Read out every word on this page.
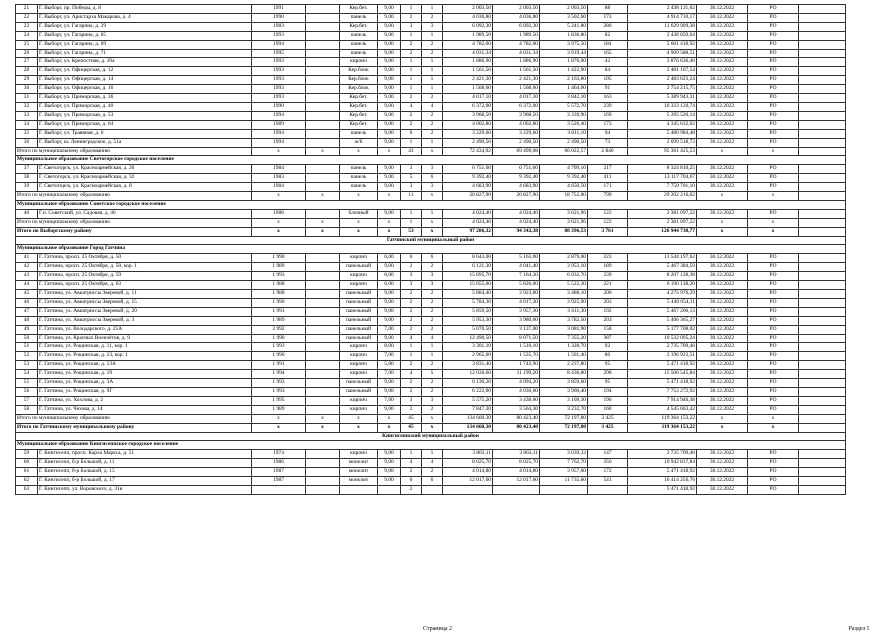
21	Г. Выборг, пр. Победы, д. 8	1991		Кер.бет.	9,00	1	1	2 003,50	2 003,50	2 003,50	88	2 438 131,62	30.12.2022	РО	
22	Г. Выборг, ул. Аристарха Макарова, д. 4	1990		панель	9,00	2	2	4 036,80	4 036,80	3 502,60	173	4 914 710,17	30.12.2022	РО	
23	Г. Выборг, ул. Гагарина, д. 29	1983		Кер.бет.	9,00	3	3	6 092,30	6 092,30	5 241,80	286	11 629 909,38	30.12.2022	РО	
24	Г. Выборг, ул. Гагарина, д. 65	1993		панель	9,00	1	1	1 989,50	1 989,50	1 836,80	82	2 438 059,64	30.12.2022	РО	
25	Г. Выборг, ул. Гагарина, д. 69	1994		панель	9,00	2	2	4 782,00	4 782,00	3 975,50	184	5 601 418,92	30.12.2022	РО	
26	Г. Выборг, ул. Гагарина, д. 71	1995		панель	9,00	2	2	4 031,34	4 031,34	3 919,44	165	4 909 588,51	30.12.2022	РО	
27	Г. Выборг, ул. Крепостная, д. 39а	1993		кирпич	9,00	1	1	1 886,90	1 886,90	1 876,00	42	3 876 636,46	30.12.2022	РО	
28	Г. Выборг, ул. Офицерская, д. 12	1993		Кер.блок	9,00	1	1	1 561,50	1 561,50	1 422,90	84	2 481 167,54	30.12.2022	РО	
29	Г. Выборг, ул. Офицерская, д. 14	1993		Кер.блок	9,00	1	1	2 421,30	2 421,30	2 163,80	105	2 483 623,24	30.12.2022	РО	
30	Г. Выборг, ул. Офицерская, д. 16	1993		Кер.блок	9,00	1	1	1 568,60	1 568,60	1 464,00	91	2 754 215,75	30.12.2022	РО	
31	Г. Выборг, ул. Приморская, д. 36	1993		Кер.бет.	9,00	2	2	4 017,10	4 017,10	3 842,10	163	5 389 943,31	30.12.2022	РО	
32	Г. Выборг, ул. Приморская, д. 40	1990		Кер.бет.	9,00	4	4	6 372,00	6 372,00	5 572,70	239	10 333 120,74	30.12.2022	РО	
33	Г. Выборг, ул. Приморская, д. 53	1994		Кер.бет.	9,00	2	2	3 968,50	3 968,50	3 339,90	169	5 395 520,14	30.12.2022	РО	
34	Г. Выборг, ул. Приморская, д. 64	1989		Кер.бет.	9,00	2	2	4 002,80	4 002,80	3 526,40	173	4 345 632,02	30.12.2022	РО	
35	Г. Выборг, ул. Травяная, д. 6	1994		панель	9,00	6	2	3 229,60	3 229,60	3 011,10	94	5 480 984,48	30.12.2022	РО	
36	Г. Выборг, ш. Ленинградское, д. 51а	1994		ж/б	9,00	1	1	2 490,50	2 490,50	2 490,50	73	2 699 518,73	30.12.2022	РО	
Итого по муниципальному образованию		x	x	x	x	41	x	72 434,02	69 490,08	66 022,57	2 840	95 361 425,53	x	x	
Муниципальное образование Светогорское городское поселение															
37	Г. Светогорск, ул. Красноармейская, д. 26	1984		панель	9,00	3	3	6 751,60	6 751,60	4 709,10	217	8 324 810,25	30.12.2022	РО	
38	Г. Светогорск, ул. Красноармейская, д. 32	1983		панель	9,00	5	6	9 392,40	9 392,40	9 392,40	411	13 117 704,67	30.12.2022	РО	
39	Г. Светогорск, ул. Красноармейская, д. 8	1984		панель	9,00	3	3	4 683,90	4 683,90	4 650,50	171	7 759 701,10	30.12.2022	РО	
Итого по муниципальному образованию		x	x	x	x	11	x	20 827,90	20 827,90	18 752,00	799	29 202 216,02	x	x	
Муниципальное образование Советское городское поселение															
40	Г.п. Советский, ул. Садовая, д. 46	1986		блочный	9,00	1	1	4 024,40	4 024,40	3 621,96	122	2 381 097,22	30.12.2022	РО	
Итого по муниципальному образованию		x	x	x	x	1	x	4 024,40	4 024,40	3 621,96	122	2 381 097,22	x	x	
Итого по Выборгскому району		x	x	x	x	53	x	97 286,32	94 342,38	88 396,53	3 761	126 944 738,77	x	x	
Гатчинский муниципальный район															
Муниципальное образование Город Гатчина															
41	Г. Гатчина, просп. 25 Октября, д. 50	1 990		кирпич	6,00	6	6	8 643,00	5 163,00	2 879,00	223	11 544 197,62	30.12.2022	РО	
42	Г. Гатчина, просп. 25 Октября, д. 50, кор. 1	1 989		панельный	9,00	2	2	6 121,30	4 041,40	3 953,10	189	5 467 384,59	30.12.2022	РО	
43	Г. Гатчина, просп. 25 Октября, д. 59	1 993		кирпич	6,00	3	3	15 895,70	7 164,30	6 932,70	239	8 207 128,38	30.12.2022	РО	
44	Г. Гатчина, просп. 25 Октября, д. 63	1 988		кирпич	6,00	3	3	15 055,00	5 826,00	5 522,30	221	6 190 138,20	30.12.2022	РО	
45	Г. Гатчина, ул. Авиатриссы Зверевой, д. 11	1 988		панельный	9,00	2	2	5 884,40	3 923,00	3 488,10	200	4 275 976,29	30.12.2022	РО	
46	Г. Гатчина, ул. Авиатриссы Зверевой, д. 15	1 990		панельный	9,00	2	2	5 784,30	4 017,30	3 925,00	203	5 440 054,11	30.12.2022	РО	
47	Г. Гатчина, ул. Авиатриссы Зверевой, д. 20	1 991		панельный	9,00	2	2	5 859,50	3 957,30	3 611,30	192	5 467 206,13	30.12.2022	РО	
48	Г. Гатчина, ул. Авиатриссы Зверевой, д. 3	1 989		панельный	9,00	2	2	5 953,30	3 980,00	3 782,50	203	5 466 365,27	30.12.2022	РО	
49	Г. Гатчина, ул. Володарского, д. 25А	2 992		панельный	7,00	2	2	5 070,50	3 137,00	3 081,90	158	5 177 708,02	30.12.2022	РО	
50	Г. Гатчина, ул. Красных Военлётов, д. 9	1 990		панельный	9,00	4	4	12 490,50	8 071,50	7 355,20	387	10 532 095,24	30.12.2022	РО	
51	Г. Гатчина, ул. Рощинская, д. 11, кор. 1	1 993		кирпич	8,00	1	1	3 301,10	1 510,10	1 328,70	92	2 735 709,46	30.12.2022	РО	
52	Г. Гатчина, ул. Рощинская, д. 13, кор. 1	1 990		кирпич	7,00	1	1	2 965,00	1 535,70	1 501,40	80	2 196 923,51	30.12.2022	РО	
53	Г. Гатчина, ул. Рощинская, д. 13А	1 991		кирпич	5,00	2	2	3 831,40	1 743,90	2 237,80	95	5 471 418,92	30.12.2022	РО	
54	Г. Гатчина, ул. Рощинская, д. 19	1 994		кирпич	7,00	4	5	12 030,60	11 199,20	8 436,80	298	15 506 545,84	30.12.2022	РО	
55	Г. Гатчина, ул. Рощинская, д. 3А	1 993		панельный	9,00	2	2	6 130,20	4 094,20	3 859,60	95	5 471 418,92	30.12.2022	РО	
56	Г. Гатчина, ул. Рощинская, д. 9Г	1 993		панельный	9,00	2	2	6 222,00	4 036,60	3 960,40	194	7 753 272,92	30.12.2022	РО	
57	Г. Гатчина, ул. Хохлова, д. 2	1 995		кирпич	7,00	3	3	5 575,20	3 438,60	3 109,30	196	7 914 946,38	30.12.2022	РО	
58	Г. Гатчина, ул. Чехова, д. 14	1 989		кирпич	9,00	2	2	7 847,30	3 564,30	3 232,70	160	4 545 663,42	30.12.2022	РО	
Итого по муниципальному образованию		x	x	x	x	45	x	134 660,30	80 423,40	72 197,80	3 425	119 364 153,22	x	x	
Итого по Гатчинскому муниципальному району		x	x	x	x	45	x	134 660,30	80 423,40	72 197,80	3 425	119 364 153,22	x	x	
Кингисеппский муниципальный район															
Муниципальное образование Кингисеппское городское поселение															
59	Г. Кингисепп, просп. Карла Маркса, д. 51	1974		кирпич	9,00	1	1	3 863,11	3 863,11	3 039,33	147	2 735 709,46	30.12.2022	РО	
60	Г. Кингисепп, б-р Большой, д. 11	1986		монолит	9,00	4	4	8 025,70	8 025,70	7 762,70	350	10 942 837,84	30.12.2022	РО	
61	Г. Кингисепп, б-р Большой, д. 15	1987		монолит	9,00	2	2	4 014,80	4 014,80	3 957,60	172	5 471 418,92	30.12.2022	РО	
62	Г. Кингисепп, б-р Большой, д. 17	1987		монолит	9,00	6	6	12 017,60	12 017,60	11 735,60	541	16 414 256,76	30.12.2022	РО	
63	Г. Кингисепп, ул. Воровского, д. 31в					2						5 471 418,92	30.12.2022	РО	
Страница 2	Раздел I
